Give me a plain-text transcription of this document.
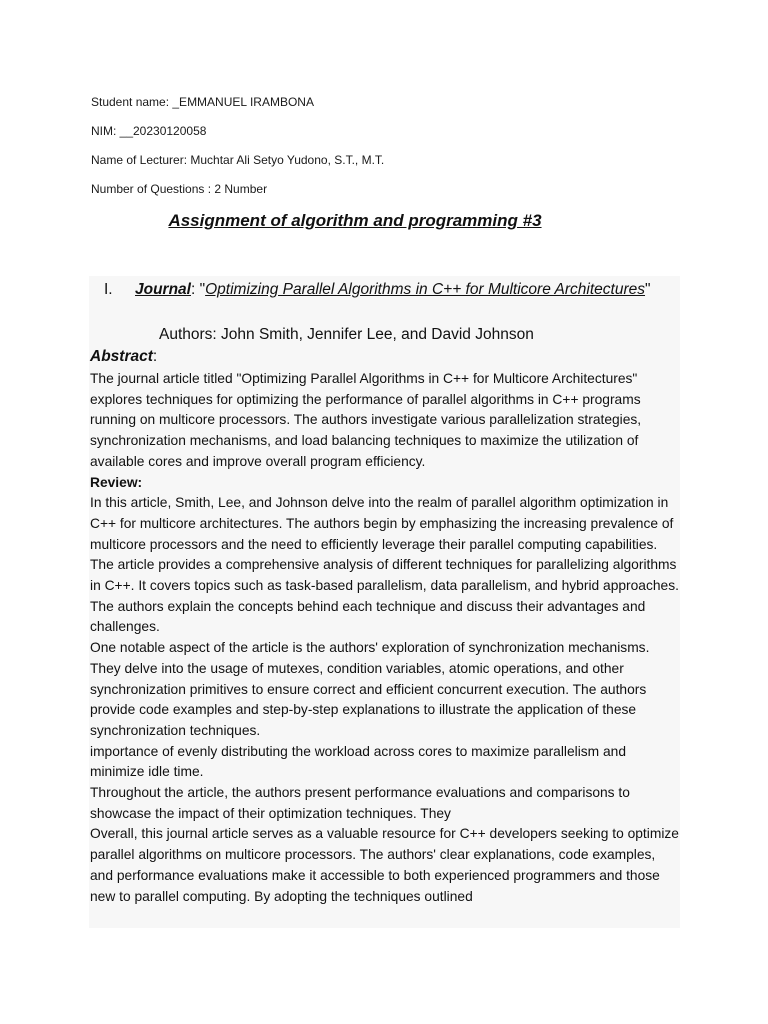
Student name: _EMMANUEL IRAMBONA
NIM: __20230120058
Name of Lecturer: Muchtar Ali Setyo Yudono, S.T., M.T.
Number of Questions : 2 Number
Assignment of algorithm and programming #3
I. Journal: "Optimizing Parallel Algorithms in C++ for Multicore Architectures"
Authors: John Smith, Jennifer Lee, and David Johnson
Abstract:

The journal article titled "Optimizing Parallel Algorithms in C++ for Multicore Architectures" explores techniques for optimizing the performance of parallel algorithms in C++ programs running on multicore processors. The authors investigate various parallelization strategies, synchronization mechanisms, and load balancing techniques to maximize the utilization of available cores and improve overall program efficiency.

Review:

In this article, Smith, Lee, and Johnson delve into the realm of parallel algorithm optimization in C++ for multicore architectures. The authors begin by emphasizing the increasing prevalence of multicore processors and the need to efficiently leverage their parallel computing capabilities.

The article provides a comprehensive analysis of different techniques for parallelizing algorithms in C++. It covers topics such as task-based parallelism, data parallelism, and hybrid approaches. The authors explain the concepts behind each technique and discuss their advantages and challenges.

One notable aspect of the article is the authors' exploration of synchronization mechanisms. They delve into the usage of mutexes, condition variables, atomic operations, and other synchronization primitives to ensure correct and efficient concurrent execution. The authors provide code examples and step-by-step explanations to illustrate the application of these synchronization techniques.

importance of evenly distributing the workload across cores to maximize parallelism and minimize idle time.

Throughout the article, the authors present performance evaluations and comparisons to showcase the impact of their optimization techniques. They

Overall, this journal article serves as a valuable resource for C++ developers seeking to optimize parallel algorithms on multicore processors. The authors' clear explanations, code examples, and performance evaluations make it accessible to both experienced programmers and those new to parallel computing. By adopting the techniques outlined
